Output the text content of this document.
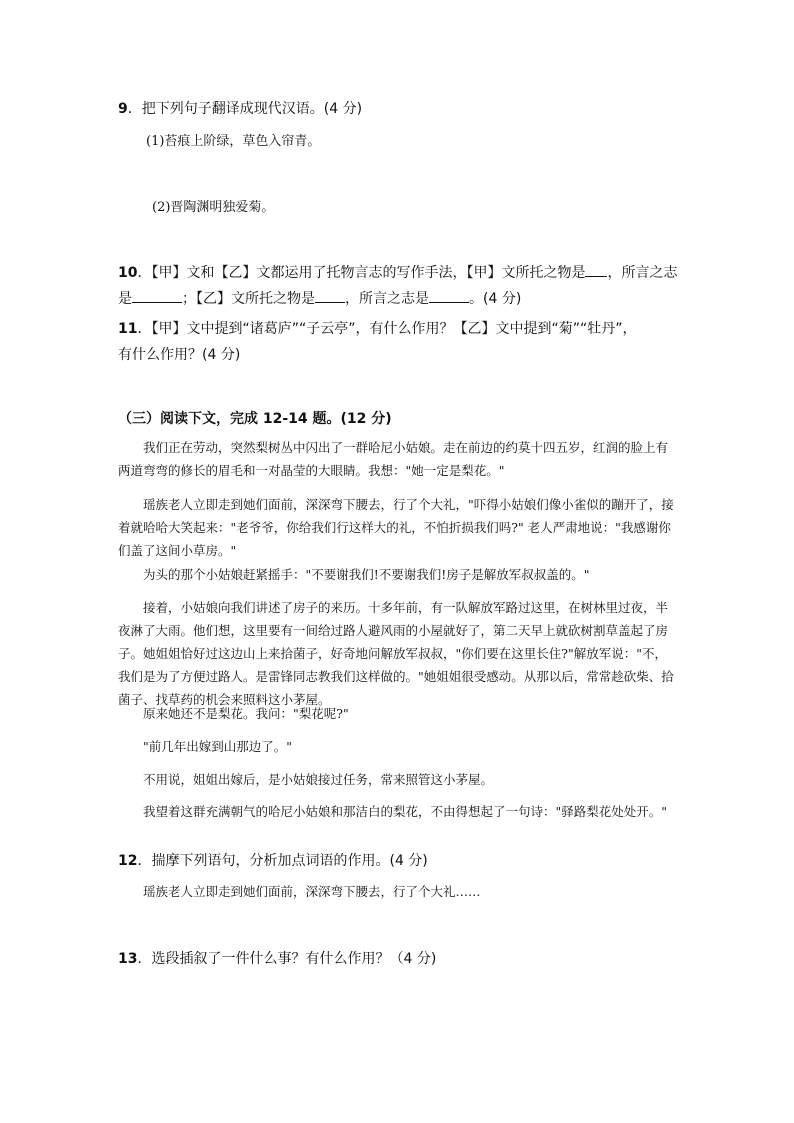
9．把下列句子翻译成现代汉语。(4 分)
(1)苔痕上阶绿，草色入帘青。
(2)晋陶渊明独爱菊。
10．【甲】文和【乙】文都运用了托物言志的写作手法，【甲】文所托之物是 ，所言之志
是	；【乙】文所托之物是 ，所言之志是	。(4 分)
11．【甲】文中提到“诸葛庐”“子云亭”，有什么作用？【乙】文中提到“菊”“牡丹”，
有什么作用？(4 分)
（三）阅读下文，完成 12-14 题。(12 分)
我们正在劳动，突然梨树丛中闪出了一群哈尼小姑娘。走在前边的约莫十四五岁，红润的脸上有两道弯弯的修长的眉毛和一对晶莹的大眼睛。我想："她一定是梨花。"
瑶族老人立即走到她们面前，深深弯下腰去，行了个大礼，"吓得小姑娘们像小雀似的蹦开了，接着就哈哈大笑起来："老爷爷，你给我们行这样大的礼，不怕折损我们吗?" 老人严肃地说："我感谢你们盖了这间小草房。"
为头的那个小姑娘赶紧摇手："不要谢我们!不要谢我们!房子是解放军叔叔盖的。"
接着，小姑娘向我们讲述了房子的来历。十多年前，有一队解放军路过这里，在树林里过夜，半夜淋了大雨。他们想，这里要有一间给过路人避风雨的小屋就好了，第二天早上就砍树割草盖起了房子。她姐姐恰好过这边山上来拾菌子，好奇地问解放军叔叔，"你们要在这里长住?"解放军说："不，我们是为了方便过路人。是雷锋同志教我们这样做的。"她姐姐很受感动。从那以后，常常趁砍柴、拾菌子、找草药的机会来照料这小茅屋。
原来她还不是梨花。我问："梨花呢?"
"前几年出嫁到山那边了。"
不用说，姐姐出嫁后，是小姑娘接过任务，常来照管这小茅屋。
我望着这群充满朝气的哈尼小姑娘和那洁白的梨花，不由得想起了一句诗："驿路梨花处处开。"
12．揣摩下列语句，分析加点词语的作用。(4 分)
瑶族老人立即走到她们面前，深深弯下腰去，行了个大礼……
13．选段插叙了一件什么事？有什么作用？（4 分)
